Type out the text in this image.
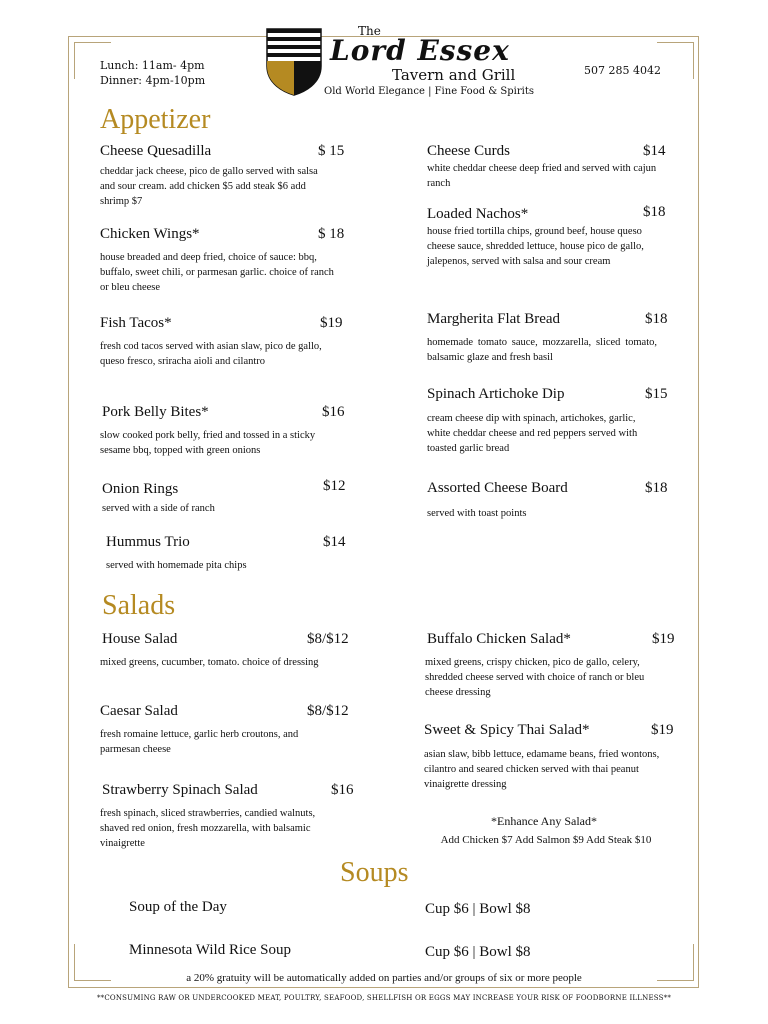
Lunch: 11am- 4pm
Dinner: 4pm-10pm
507 285 4042
The
Lord Essex
Tavern and Grill
Old World Elegance | Fine Food & Spirits
Appetizer
Cheese Quesadilla	$ 15
cheddar jack cheese, pico de gallo served with salsa and sour cream. add chicken $5 add steak $6 add shrimp $7
Chicken Wings*	$ 18
house breaded and deep fried, choice of sauce: bbq, buffalo, sweet chili, or parmesan garlic. choice of ranch or bleu cheese
Fish Tacos*	$19
fresh cod tacos served with asian slaw, pico de gallo, queso fresco, sriracha aioli and cilantro
Pork Belly Bites*	$16
slow cooked pork belly, fried and tossed in a sticky sesame bbq, topped with green onions
Onion Rings	$12
served with a side of ranch
Hummus Trio	$14
served with homemade pita chips
Cheese Curds	$14
white cheddar cheese deep fried and served with cajun ranch
Loaded Nachos*	$18
house fried tortilla chips, ground beef, house queso cheese sauce, shredded lettuce, house pico de gallo, jalepenos, served with salsa and sour cream
Margherita Flat Bread	$18
homemade tomato sauce, mozzarella, sliced tomato, balsamic glaze and fresh basil
Spinach Artichoke Dip	$15
cream cheese dip with spinach, artichokes, garlic, white cheddar cheese and red peppers served with toasted garlic bread
Assorted Cheese Board	$18
served with toast points
Salads
House Salad	$8/$12
mixed greens, cucumber, tomato. choice of dressing
Caesar Salad	$8/$12
fresh romaine lettuce, garlic herb croutons, and parmesan cheese
Strawberry Spinach Salad	$16
fresh spinach, sliced strawberries, candied walnuts, shaved red onion, fresh mozzarella, with balsamic vinaigrette
Buffalo Chicken Salad*	$19
mixed greens, crispy chicken, pico de gallo, celery, shredded cheese served with choice of ranch or bleu cheese dressing
Sweet & Spicy Thai Salad*	$19
asian slaw, bibb lettuce, edamame beans, fried wontons, cilantro and seared chicken served with thai peanut vinaigrette dressing
*Enhance Any Salad*
Add Chicken $7 Add Salmon $9 Add Steak $10
Soups
Soup of the Day	Cup $6 | Bowl $8
Minnesota Wild Rice Soup	Cup $6 | Bowl $8
a 20% gratuity will be automatically added on parties and/or groups of six or more people
**CONSUMING RAW OR UNDERCOOKED MEAT, POULTRY, SEAFOOD, SHELLFISH OR EGGS MAY INCREASE YOUR RISK OF FOODBORNE ILLNESS**
